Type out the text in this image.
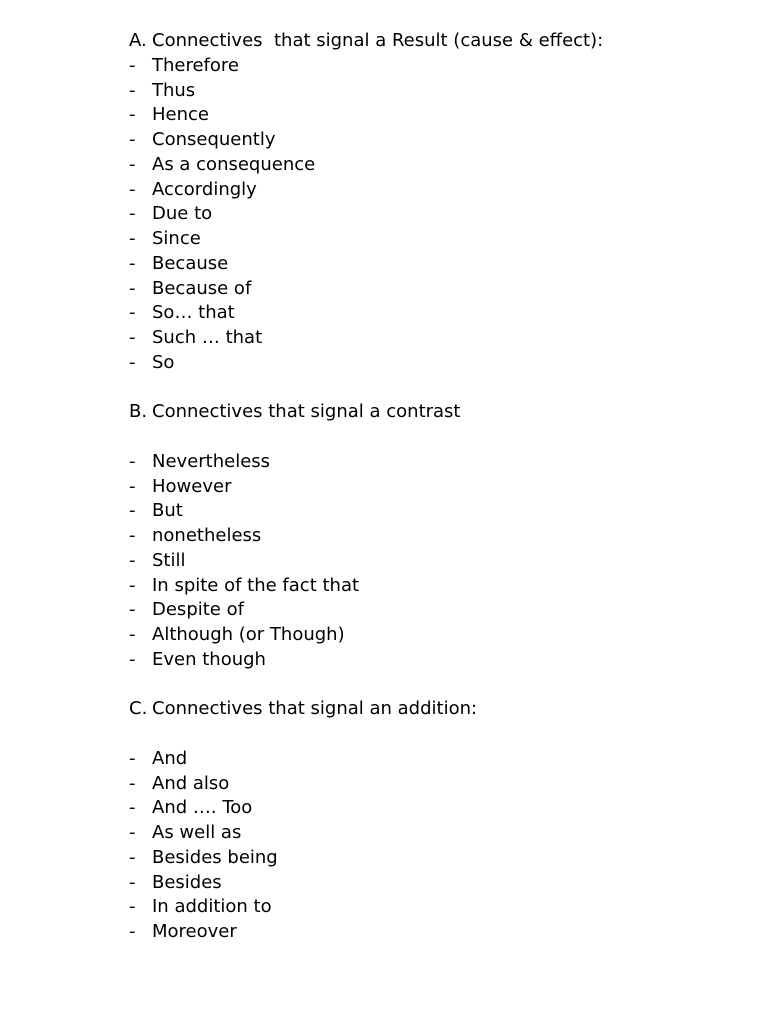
A. Connectives  that signal a Result (cause & effect):
- Therefore
- Thus
- Hence
- Consequently
- As a consequence
- Accordingly
- Due to
- Since
- Because
- Because of
- So… that
- Such … that
- So
B. Connectives that signal a contrast
- Nevertheless
- However
- But
- nonetheless
- Still
- In spite of the fact that
- Despite of
- Although (or Though)
- Even though
C. Connectives that signal an addition:
- And
- And also
- And …. Too
- As well as
- Besides being
- Besides
- In addition to
- Moreover
